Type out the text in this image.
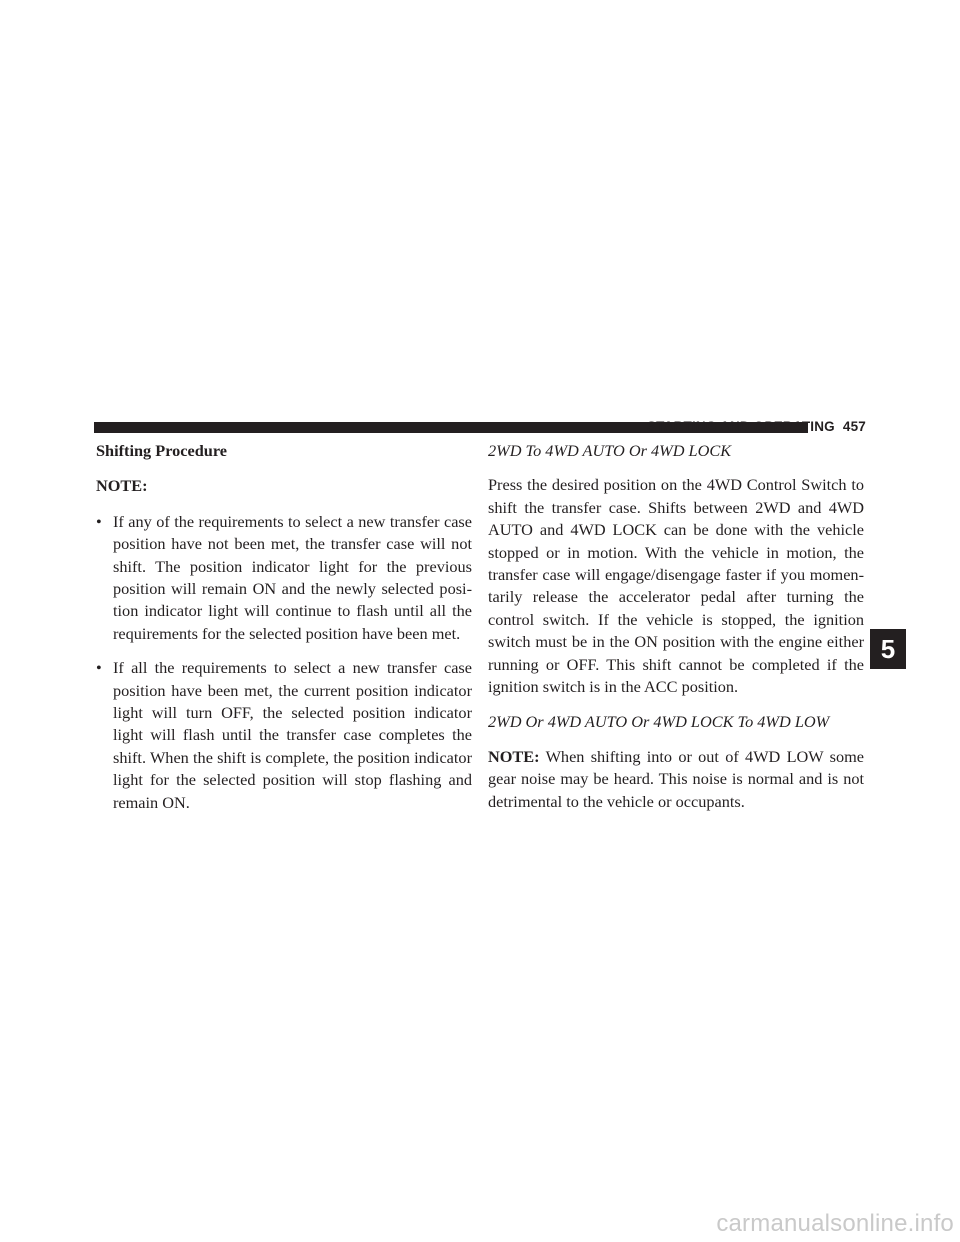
STARTING AND OPERATING 457

Shifting Procedure

NOTE:

• If any of the requirements to select a new transfer case position have not been met, the transfer case will not shift. The position indicator light for the previous position will remain ON and the newly selected posi-tion indicator light will continue to flash until all the requirements for the selected position have been met.
• If all the requirements to select a new transfer case position have been met, the current position indicator light will turn OFF, the selected position indicator light will flash until the transfer case completes the shift. When the shift is complete, the position indicator light for the selected position will stop flashing and remain ON.

2WD To 4WD AUTO Or 4WD LOCK

Press the desired position on the 4WD Control Switch to shift the transfer case. Shifts between 2WD and 4WD AUTO and 4WD LOCK can be done with the vehicle stopped or in motion. With the vehicle in motion, the transfer case will engage/disengage faster if you momen-tarily release the accelerator pedal after turning the control switch. If the vehicle is stopped, the ignition switch must be in the ON position with the engine either running or OFF. This shift cannot be completed if the ignition switch is in the ACC position.

2WD Or 4WD AUTO Or 4WD LOCK To 4WD LOW

NOTE: When shifting into or out of 4WD LOW some gear noise may be heard. This noise is normal and is not detrimental to the vehicle or occupants.

5
carmanualsonline.info
